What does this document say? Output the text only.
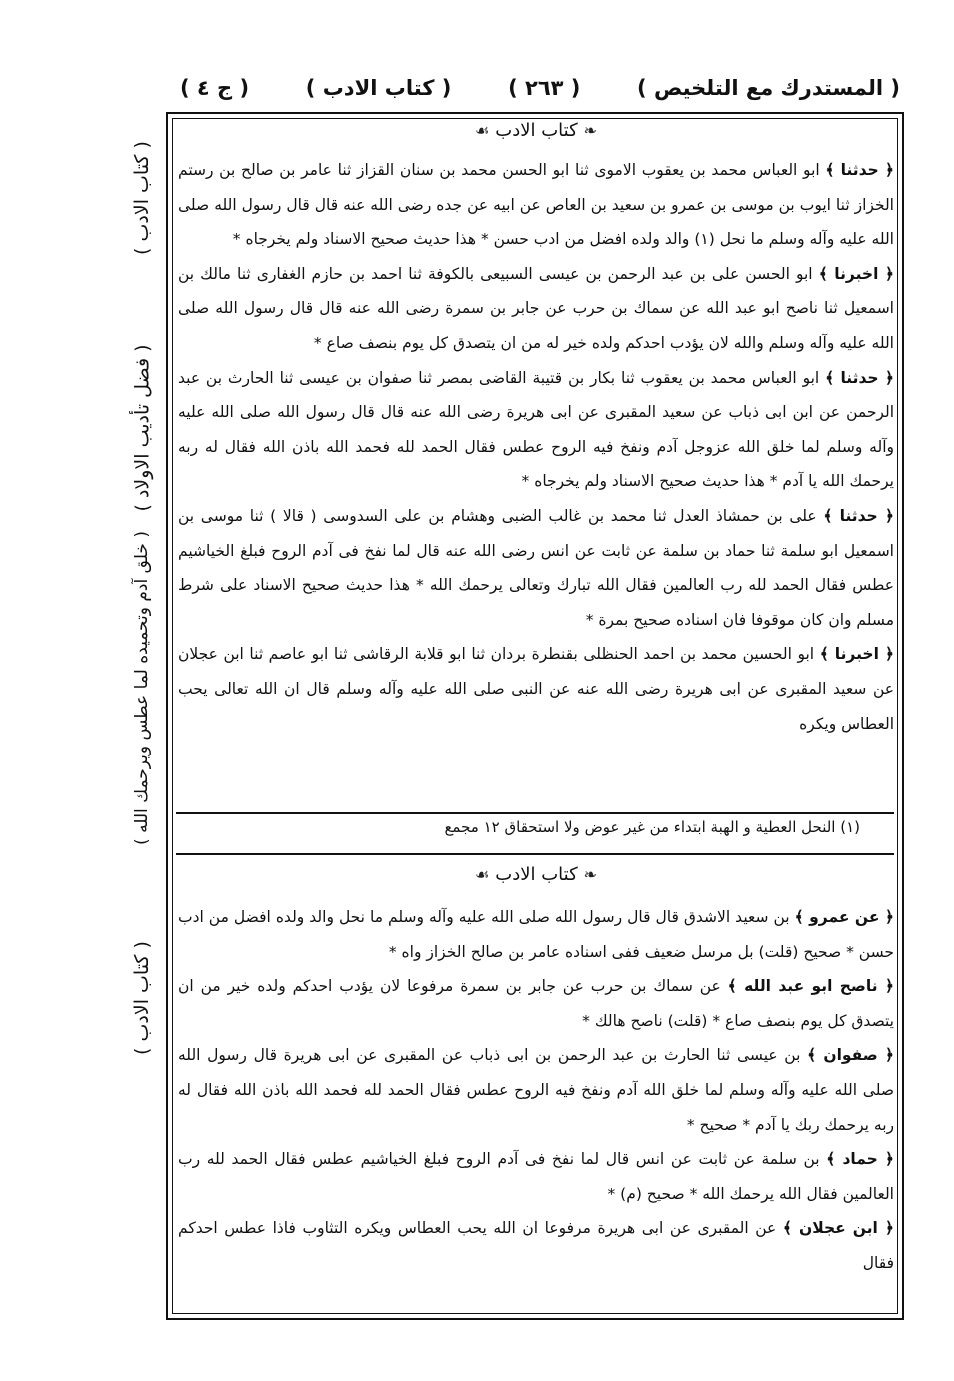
( المستدرك مع التلخيص )
( ٢٦٣ )
( كتاب الادب )
( ج ٤ )
( كتاب الادب )
( فضل تأديب الاولاد )
( خلق آدم وتحميده لما عطس ويرحمك الله )
( كتاب الادب )
❧كتاب الادب☙

﴿ حدثنا ﴾ ابو العباس محمد بن يعقوب الاموى ثنا ابو الحسن محمد بن سنان القزاز ثنا عامر بن صالح بن رستم الخزاز ثنا ايوب بن موسى بن عمرو بن سعيد بن العاص عن ابيه عن جده رضى الله عنه قال قال رسول الله صلى الله عليه وآله وسلم ما نحل (١) والد ولده افضل من ادب حسن * هذا حديث صحيح الاسناد ولم يخرجاه *

﴿ اخبرنا ﴾ ابو الحسن على بن عبد الرحمن بن عيسى السبيعى بالكوفة ثنا احمد بن حازم الغفارى ثنا مالك بن اسمعيل ثنا ناصح ابو عبد الله عن سماك بن حرب عن جابر بن سمرة رضى الله عنه قال قال رسول الله صلى الله عليه وآله وسلم والله لان يؤدب احدكم ولده خير له من ان يتصدق كل يوم بنصف صاع *

﴿ حدثنا ﴾ ابو العباس محمد بن يعقوب ثنا بكار بن قتيبة القاضى بمصر ثنا صفوان بن عيسى ثنا الحارث بن عبد الرحمن عن ابن ابى ذباب عن سعيد المقبرى عن ابى هريرة رضى الله عنه قال قال رسول الله صلى الله عليه وآله وسلم لما خلق الله عزوجل آدم ونفخ فيه الروح عطس فقال الحمد لله فحمد الله باذن الله فقال له ربه يرحمك الله يا آدم * هذا حديث صحيح الاسناد ولم يخرجاه *

﴿ حدثنا ﴾ على بن حمشاذ العدل ثنا محمد بن غالب الضبى وهشام بن على السدوسى ( قالا ) ثنا موسى بن اسمعيل ابو سلمة ثنا حماد بن سلمة عن ثابت عن انس رضى الله عنه قال لما نفخ فى آدم الروح فبلغ الخياشيم عطس فقال الحمد لله رب العالمين فقال الله تبارك وتعالى يرحمك الله * هذا حديث صحيح الاسناد على شرط مسلم وان كان موقوفا فان اسناده صحيح بمرة *

﴿ اخبرنا ﴾ ابو الحسين محمد بن احمد الحنظلى بقنطرة بردان ثنا ابو قلابة الرقاشى ثنا ابو عاصم ثنا ابن عجلان عن سعيد المقبرى عن ابى هريرة رضى الله عنه عن النبى صلى الله عليه وآله وسلم قال ان الله تعالى يحب العطاس ويكره

(١) النحل العطية و الهبة ابتداء من غير عوض ولا استحقاق ١٢ مجمع
❧كتاب الادب☙

﴿ عن عمرو ﴾ بن سعيد الاشدق قال قال رسول الله صلى الله عليه وآله وسلم ما نحل والد ولده افضل من ادب حسن * صحيح (قلت) بل مرسل ضعيف ففى اسناده عامر بن صالح الخزاز واه *

﴿ ناصح ابو عبد الله ﴾ عن سماك بن حرب عن جابر بن سمرة مرفوعا لان يؤدب احدكم ولده خير من ان يتصدق كل يوم بنصف صاع * (قلت) ناصح هالك *

﴿ صفوان ﴾ بن عيسى ثنا الحارث بن عبد الرحمن بن ابى ذباب عن المقبرى عن ابى هريرة قال رسول الله صلى الله عليه وآله وسلم لما خلق الله آدم ونفخ فيه الروح عطس فقال الحمد لله فحمد الله باذن الله فقال له ربه يرحمك ربك يا آدم * صحيح *

﴿ حماد ﴾ بن سلمة عن ثابت عن انس قال لما نفخ فى آدم الروح فبلغ الخياشيم عطس فقال الحمد لله رب العالمين فقال الله يرحمك الله * صحيح (م) *

﴿ ابن عجلان ﴾ عن المقبرى عن ابى هريرة مرفوعا ان الله يحب العطاس ويكره التثاوب فاذا عطس احدكم فقال
